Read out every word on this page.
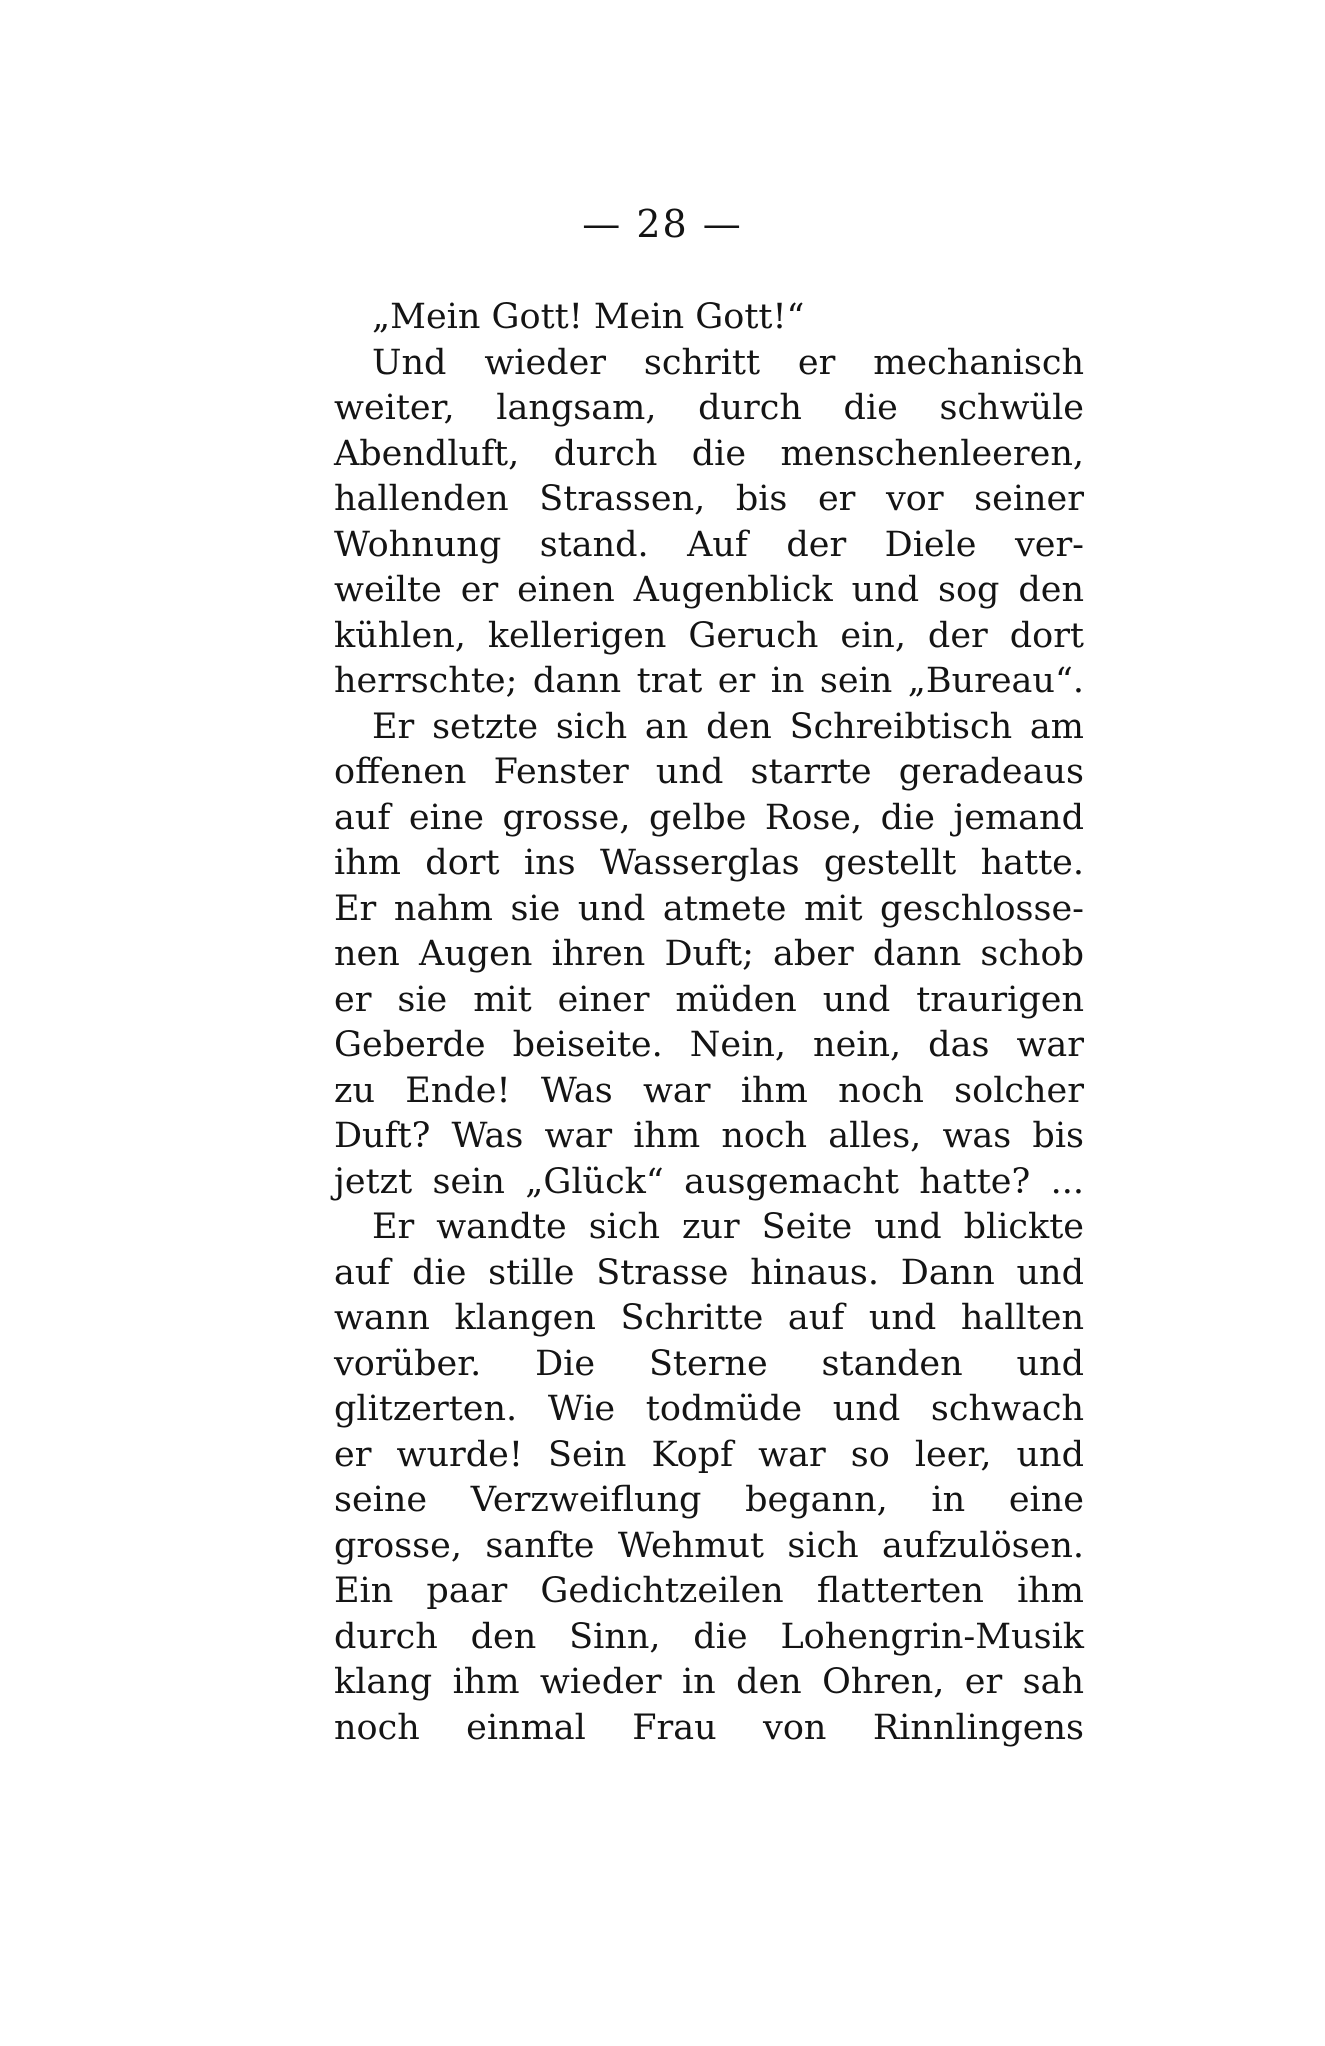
— 28 —
„Mein Gott! Mein Gott!“
Und wieder schritt er mechanisch
weiter, langsam, durch die schwüle
Abendluft, durch die menschenleeren,
hallenden Strassen, bis er vor seiner
Wohnung stand. Auf der Diele ver-
weilte er einen Augenblick und sog den
kühlen, kellerigen Geruch ein, der dort
herrschte; dann trat er in sein „Bureau“.
Er setzte sich an den Schreibtisch am
offenen Fenster und starrte geradeaus
auf eine grosse, gelbe Rose, die jemand
ihm dort ins Wasserglas gestellt hatte.
Er nahm sie und atmete mit geschlosse-
nen Augen ihren Duft; aber dann schob
er sie mit einer müden und traurigen
Geberde beiseite. Nein, nein, das war
zu Ende! Was war ihm noch solcher
Duft? Was war ihm noch alles, was bis
jetzt sein „Glück“ ausgemacht hatte? ...
Er wandte sich zur Seite und blickte
auf die stille Strasse hinaus. Dann und
wann klangen Schritte auf und hallten
vorüber. Die Sterne standen und
glitzerten. Wie todmüde und schwach
er wurde! Sein Kopf war so leer, und
seine Verzweiflung begann, in eine
grosse, sanfte Wehmut sich aufzulösen.
Ein paar Gedichtzeilen flatterten ihm
durch den Sinn, die Lohengrin-Musik
klang ihm wieder in den Ohren, er sah
noch einmal Frau von Rinnlingens
